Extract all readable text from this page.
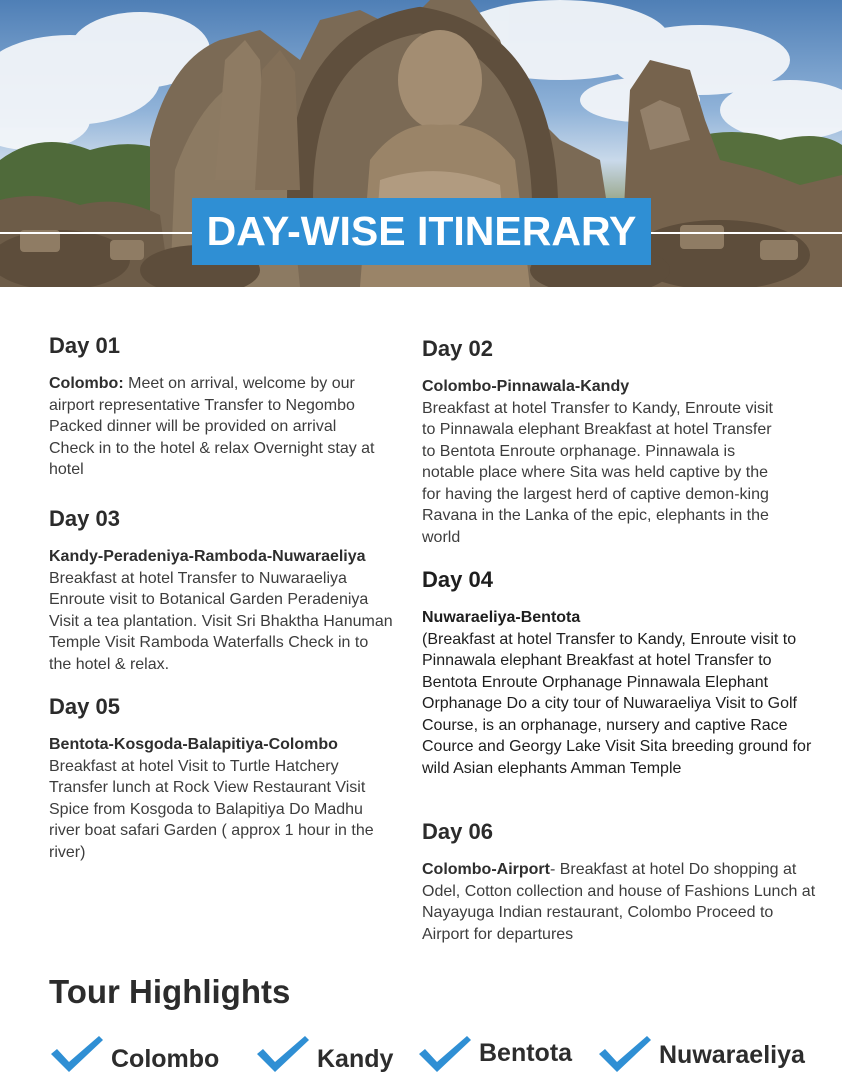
DAY-WISE ITINERARY
Day 01

Colombo: Meet on arrival, welcome by our airport representative Transfer to Negombo Packed dinner will be provided on arrival Check in to the hotel & relax Overnight stay at hotel

Day 03

Kandy-Peradeniya-Ramboda-Nuwaraeliya
Breakfast at hotel Transfer to Nuwaraeliya Enroute visit to Botanical Garden Peradeniya Visit a tea plantation. Visit Sri Bhaktha Hanuman Temple Visit Ramboda Waterfalls Check in to the hotel & relax.

Day 05

Bentota-Kosgoda-Balapitiya-Colombo
Breakfast at hotel Visit to Turtle Hatchery Transfer lunch at Rock View Restaurant Visit Spice from Kosgoda to Balapitiya Do Madhu river boat safari Garden ( approx 1 hour in the river)

Day 02

Colombo-Pinnawala-Kandy
Breakfast at hotel Transfer to Kandy, Enroute visit to Pinnawala elephant Breakfast at hotel Transfer to Bentota Enroute orphanage. Pinnawala is notable place where Sita was held captive by the for having the largest herd of captive demon-king Ravana in the Lanka of the epic, elephants in the world

Day 04

Nuwaraeliya-Bentota
(Breakfast at hotel Transfer to Kandy, Enroute visit to Pinnawala elephant Breakfast at hotel Transfer to Bentota Enroute Orphanage Pinnawala Elephant Orphanage Do a city tour of Nuwaraeliya Visit to Golf Course, is an orphanage, nursery and captive Race Cource and Georgy Lake Visit Sita breeding ground for wild Asian elephants Amman Temple

Day 06

Colombo-Airport- Breakfast at hotel Do shopping at Odel, Cotton collection and house of Fashions Lunch at Nayayuga Indian restaurant, Colombo Proceed to Airport for departures

Tour Highlights
Colombo	Kandy	Bentota	Nuwaraeliya
